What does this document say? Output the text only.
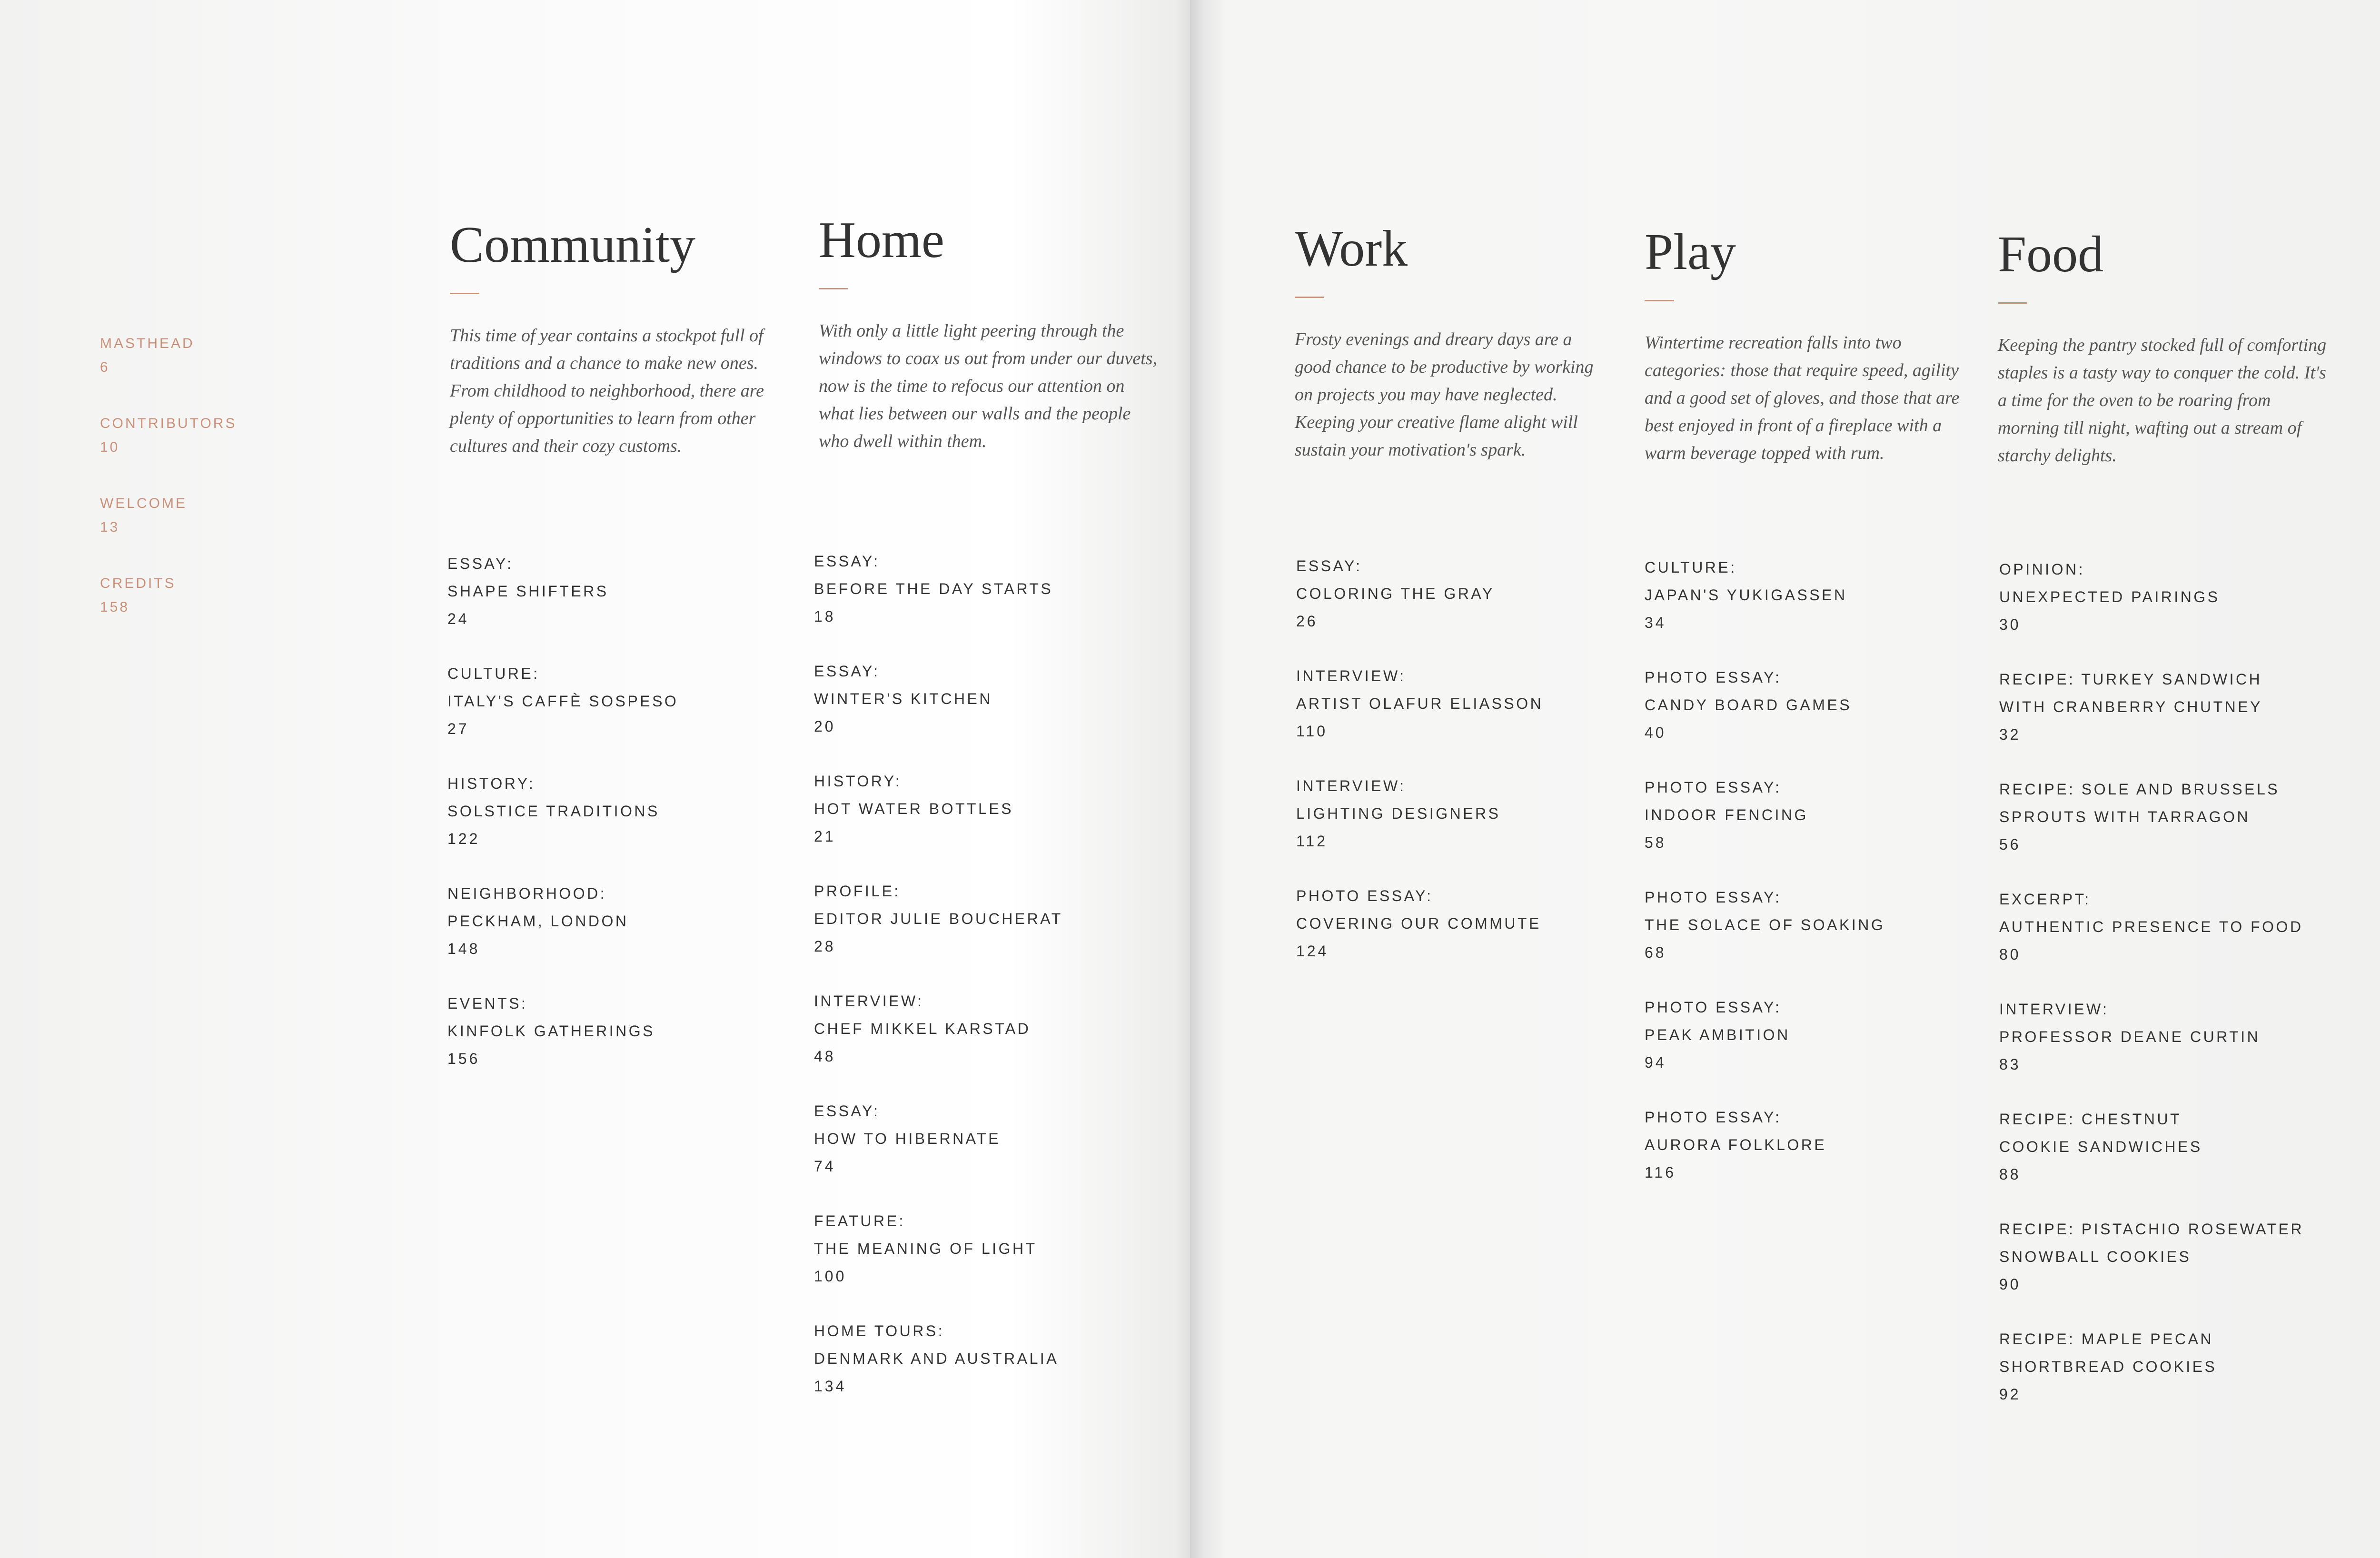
MASTHEAD
6
CONTRIBUTORS
10
WELCOME
13
CREDITS
158
Community

This time of year contains a stockpot full of traditions and a chance to make new ones. From childhood to neighborhood, there are plenty of opportunities to learn from other cultures and their cozy customs.

ESSAY:
SHAPE SHIFTERS
24
CULTURE:
ITALY'S CAFFÈ SOSPESO
27
HISTORY:
SOLSTICE TRADITIONS
122
NEIGHBORHOOD:
PECKHAM, LONDON
148
EVENTS:
KINFOLK GATHERINGS
156
Home

With only a little light peering through the windows to coax us out from under our duvets, now is the time to refocus our attention on what lies between our walls and the people who dwell within them.

ESSAY:
BEFORE THE DAY STARTS
18
ESSAY:
WINTER'S KITCHEN
20
HISTORY:
HOT WATER BOTTLES
21
PROFILE:
EDITOR JULIE BOUCHERAT
28
INTERVIEW:
CHEF MIKKEL KARSTAD
48
ESSAY:
HOW TO HIBERNATE
74
FEATURE:
THE MEANING OF LIGHT
100
HOME TOURS:
DENMARK AND AUSTRALIA
134
Work

Frosty evenings and dreary days are a good chance to be productive by working on projects you may have neglected. Keeping your creative flame alight will sustain your motivation's spark.

ESSAY:
COLORING THE GRAY
26
INTERVIEW:
ARTIST OLAFUR ELIASSON
110
INTERVIEW:
LIGHTING DESIGNERS
112
PHOTO ESSAY:
COVERING OUR COMMUTE
124
Play

Wintertime recreation falls into two categories: those that require speed, agility and a good set of gloves, and those that are best enjoyed in front of a fireplace with a warm beverage topped with rum.

CULTURE:
JAPAN'S YUKIGASSEN
34
PHOTO ESSAY:
CANDY BOARD GAMES
40
PHOTO ESSAY:
INDOOR FENCING
58
PHOTO ESSAY:
THE SOLACE OF SOAKING
68
PHOTO ESSAY:
PEAK AMBITION
94
PHOTO ESSAY:
AURORA FOLKLORE
116
Food

Keeping the pantry stocked full of comforting staples is a tasty way to conquer the cold. It's a time for the oven to be roaring from morning till night, wafting out a stream of starchy delights.

OPINION:
UNEXPECTED PAIRINGS
30
RECIPE: TURKEY SANDWICH
WITH CRANBERRY CHUTNEY
32
RECIPE: SOLE AND BRUSSELS
SPROUTS WITH TARRAGON
56
EXCERPT:
AUTHENTIC PRESENCE TO FOOD
80
INTERVIEW:
PROFESSOR DEANE CURTIN
83
RECIPE: CHESTNUT
COOKIE SANDWICHES
88
RECIPE: PISTACHIO ROSEWATER
SNOWBALL COOKIES
90
RECIPE: MAPLE PECAN
SHORTBREAD COOKIES
92
